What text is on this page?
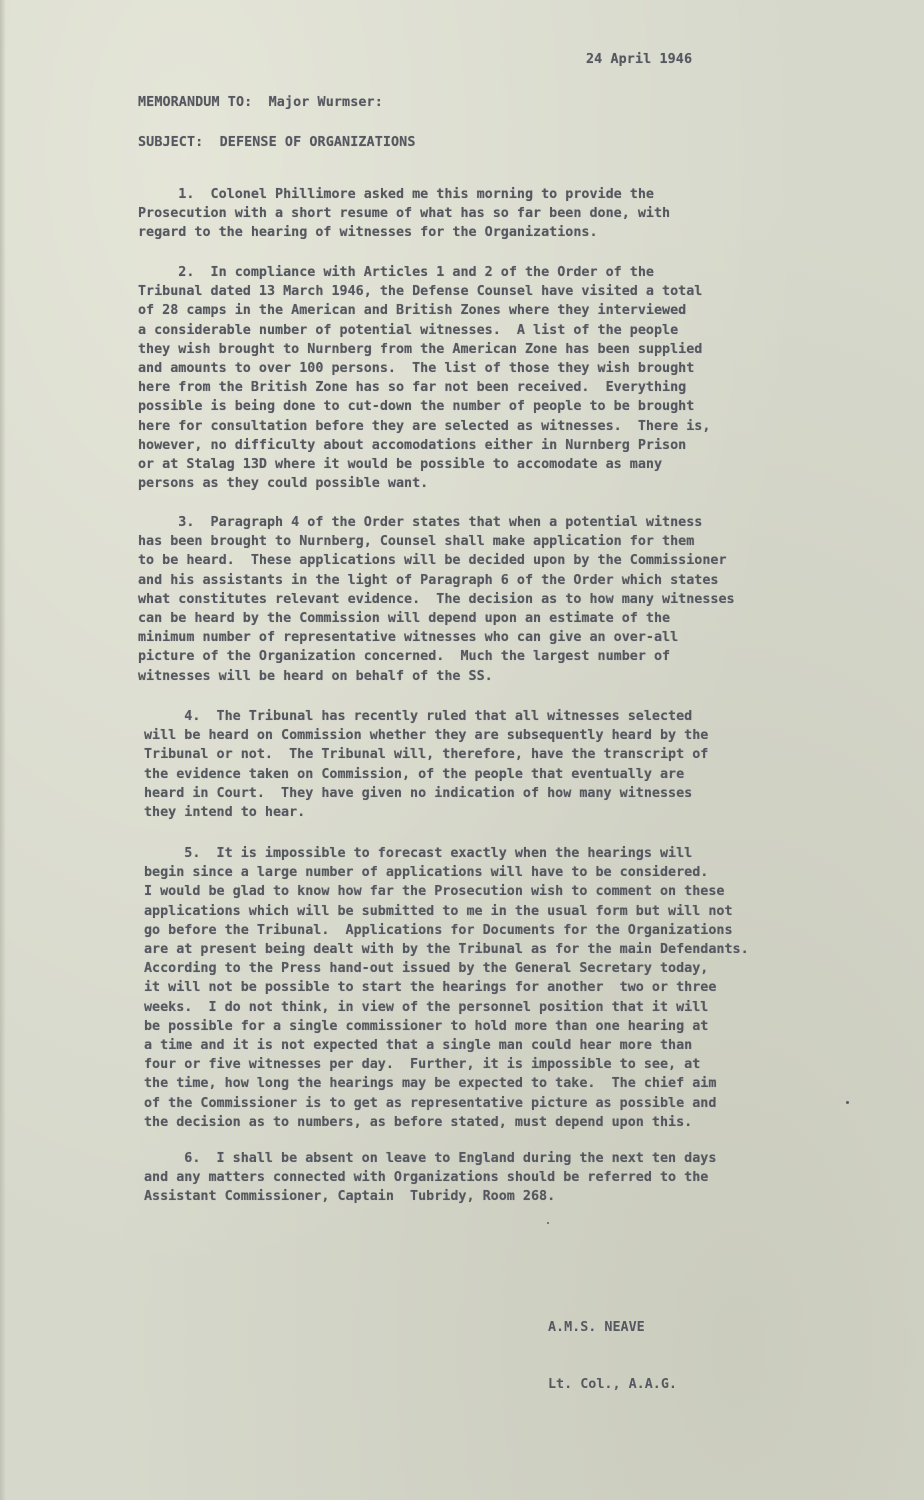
24 April 1946
MEMORANDUM TO:  Major Wurmser:
SUBJECT:  DEFENSE OF ORGANIZATIONS
1.  Colonel Phillimore asked me this morning to provide the
Prosecution with a short resume of what has so far been done, with
regard to the hearing of witnesses for the Organizations.
2.  In compliance with Articles 1 and 2 of the Order of the
Tribunal dated 13 March 1946, the Defense Counsel have visited a total
of 28 camps in the American and British Zones where they interviewed
a considerable number of potential witnesses.  A list of the people
they wish brought to Nurnberg from the American Zone has been supplied
and amounts to over 100 persons.  The list of those they wish brought
here from the British Zone has so far not been received.  Everything
possible is being done to cut-down the number of people to be brought
here for consultation before they are selected as witnesses.  There is,
however, no difficulty about accomodations either in Nurnberg Prison
or at Stalag 13D where it would be possible to accomodate as many
persons as they could possible want.
3.  Paragraph 4 of the Order states that when a potential witness
has been brought to Nurnberg, Counsel shall make application for them
to be heard.  These applications will be decided upon by the Commissioner
and his assistants in the light of Paragraph 6 of the Order which states
what constitutes relevant evidence.  The decision as to how many witnesses
can be heard by the Commission will depend upon an estimate of the
minimum number of representative witnesses who can give an over-all
picture of the Organization concerned.  Much the largest number of
witnesses will be heard on behalf of the SS.
4.  The Tribunal has recently ruled that all witnesses selected
will be heard on Commission whether they are subsequently heard by the
Tribunal or not.  The Tribunal will, therefore, have the transcript of
the evidence taken on Commission, of the people that eventually are
heard in Court.  They have given no indication of how many witnesses
they intend to hear.
5.  It is impossible to forecast exactly when the hearings will
begin since a large number of applications will have to be considered.
I would be glad to know how far the Prosecution wish to comment on these
applications which will be submitted to me in the usual form but will not
go before the Tribunal.  Applications for Documents for the Organizations
are at present being dealt with by the Tribunal as for the main Defendants.
According to the Press hand-out issued by the General Secretary today,
it will not be possible to start the hearings for another  two or three
weeks.  I do not think, in view of the personnel position that it will
be possible for a single commissioner to hold more than one hearing at
a time and it is not expected that a single man could hear more than
four or five witnesses per day.  Further, it is impossible to see, at
the time, how long the hearings may be expected to take.  The chief aim
of the Commissioner is to get as representative picture as possible and
the decision as to numbers, as before stated, must depend upon this.
6.  I shall be absent on leave to England during the next ten days
and any matters connected with Organizations should be referred to the
Assistant Commissioner, Captain  Tubridy, Room 268.

A.M.S. NEAVE

Lt. Col., A.A.G.
